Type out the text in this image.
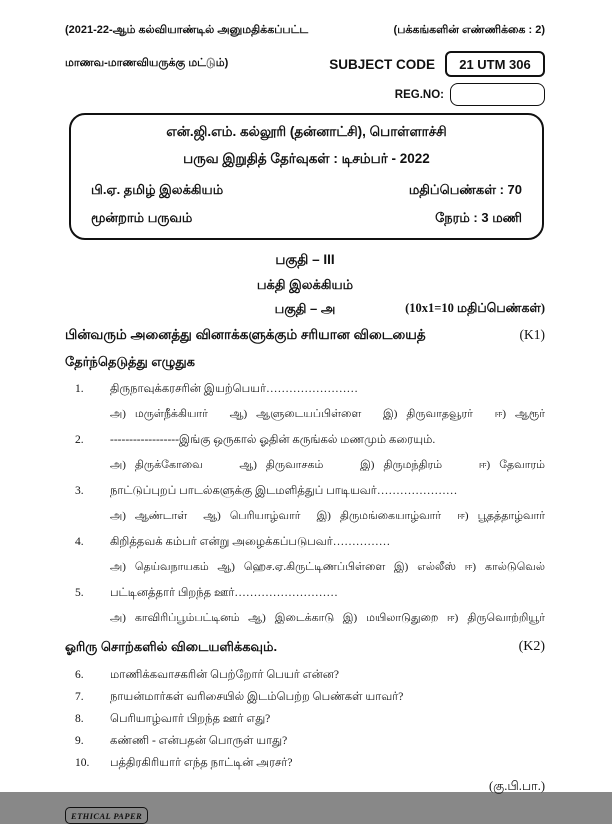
(2021-22-ஆம் கல்வியாண்டில் அனுமதிக்கப்பட்ட	(பக்கங்களின் எண்ணிக்கை : 2)
மாணவ-மாணவியருக்கு மட்டும்)	SUBJECT CODE	21 UTM 306
REG.NO:
என்.ஜி.எம். கல்லூரி (தன்னாட்சி), பொள்ளாச்சி
பருவ இறுதித் தேர்வுகள் : டிசம்பர் - 2022
பி.ஏ. தமிழ் இலக்கியம்	மதிப்பெண்கள் : 70
மூன்றாம் பருவம்	நேரம் : 3 மணி
பகுதி – III
பக்தி இலக்கியம்
பகுதி – அ	(10x1=10 மதிப்பெண்கள்)
பின்வரும் அனைத்து வினாக்களுக்கும் சரியான விடையைத்	(K1)
தேர்ந்தெடுத்து எழுதுக
1.	திருநாவுக்கரசரின் இயற்பெயர்……………………
அ) மருள்நீக்கியார் ஆ) ஆளுடையப்பிள்ளை இ) திருவாதவூரர் ஈ) ஆரூர்
2.	------------------இங்கு ஒருகால் ஓதின் கருங்கல் மணமும் கரையும்.
அ) திருக்கோவை	ஆ) திருவாசகம்	இ) திருமந்திரம்	ஈ) தேவாரம்
3.	நாட்டுப்புறப் பாடல்களுக்கு இடமளித்துப் பாடியவர்…………………
அ) ஆண்டாள் ஆ) பெரியாழ்வார் இ) திருமங்கையாழ்வார் ஈ) பூதத்தாழ்வார்
4.	கிறித்தவக் கம்பர் என்று அழைக்கப்படுபவர்……………
அ) தெய்வநாயகம் ஆ) ஹெச.ஏ.கிருட்டிணப்பிள்ளை இ) எல்லீஸ் ஈ) கால்டுவெல்
5.	பட்டினத்தார் பிறந்த ஊர்………………………
அ) காவிரிப்பூம்பட்டினம் ஆ) இடைக்காடு இ) மயிலாடுதுறை ஈ) திருவொற்றியூர்
ஓரிரு சொற்களில் விடையளிக்கவும்.	(K2)
6.	மாணிக்கவாசகரின் பெற்றோர் பெயர் என்ன?
7.	நாயன்மார்கள் வரிசையில் இடம்பெற்ற பெண்கள் யாவர்?
8.	பெரியாழ்வார் பிறந்த ஊர் எது?
9.	கண்ணி - என்பதன் பொருள் யாது?
10.	பத்திரகிரியார் எந்த நாட்டின் அரசர்?
(கு.பி.பா.)
ETHICAL PAPER
